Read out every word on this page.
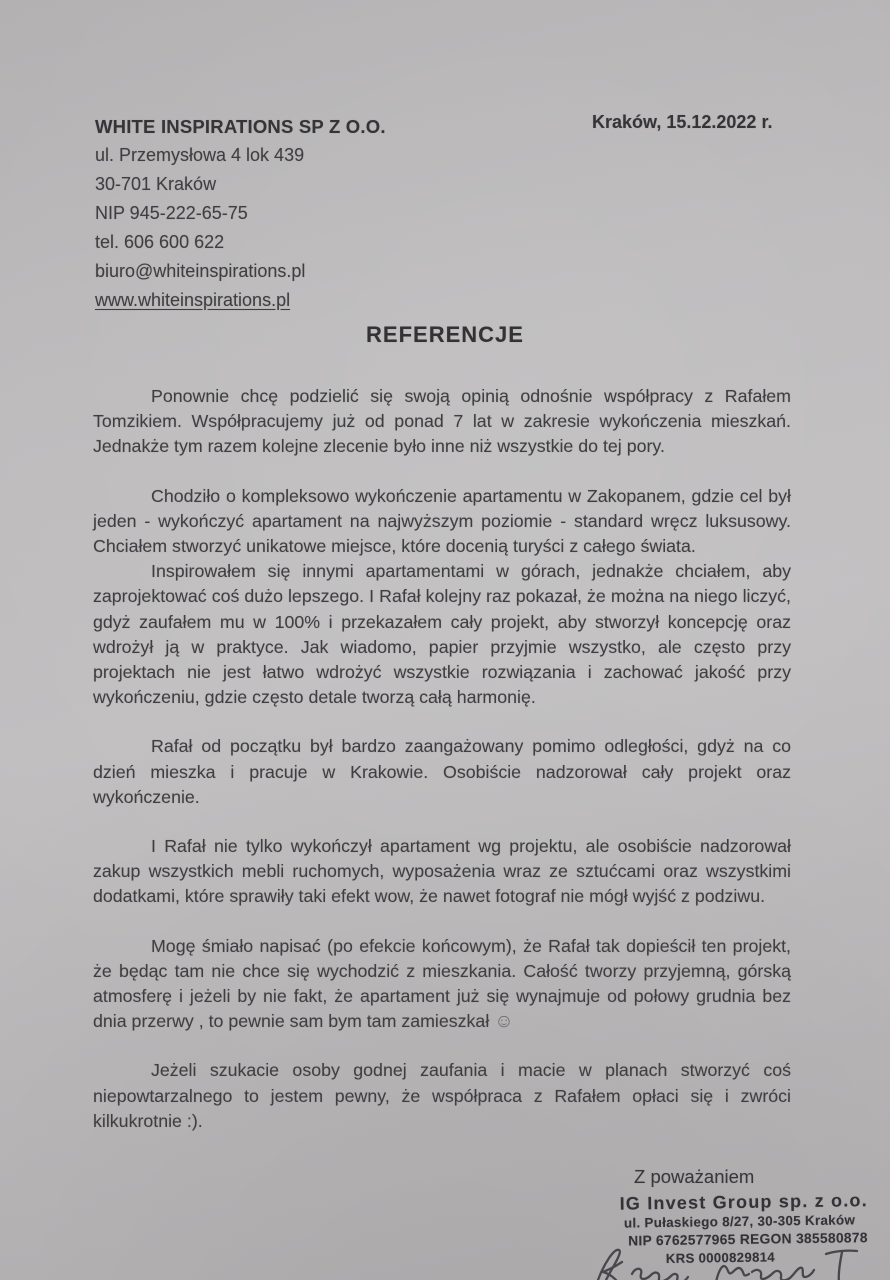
WHITE INSPIRATIONS SP Z O.O.
ul. Przemysłowa 4 lok 439
30-701 Kraków
NIP 945-222-65-75
tel. 606 600 622
biuro@whiteinspirations.pl
www.whiteinspirations.pl
Kraków, 15.12.2022 r.
REFERENCJE

Ponownie chcę podzielić się swoją opinią odnośnie współpracy z Rafałem Tomzikiem. Współpracujemy już od ponad 7 lat w zakresie wykończenia mieszkań. Jednakże tym razem kolejne zlecenie było inne niż wszystkie do tej pory.

Chodziło o kompleksowo wykończenie apartamentu w Zakopanem, gdzie cel był jeden - wykończyć apartament na najwyższym poziomie - standard wręcz luksusowy. Chciałem stworzyć unikatowe miejsce, które docenią turyści z całego świata.

Inspirowałem się innymi apartamentami w górach, jednakże chciałem, aby zaprojektować coś dużo lepszego. I Rafał kolejny raz pokazał, że można na niego liczyć, gdyż zaufałem mu w 100% i przekazałem cały projekt, aby stworzył koncepcję oraz wdrożył ją w praktyce. Jak wiadomo, papier przyjmie wszystko, ale często przy projektach nie jest łatwo wdrożyć wszystkie rozwiązania i zachować jakość przy wykończeniu, gdzie często detale tworzą całą harmonię.

Rafał od początku był bardzo zaangażowany pomimo odległości, gdyż na co dzień mieszka i pracuje w Krakowie. Osobiście nadzorował cały projekt oraz wykończenie.

I Rafał nie tylko wykończył apartament wg projektu, ale osobiście nadzorował zakup wszystkich mebli ruchomych, wyposażenia wraz ze sztućcami oraz wszystkimi dodatkami, które sprawiły taki efekt wow, że nawet fotograf nie mógł wyjść z podziwu.

Mogę śmiało napisać (po efekcie końcowym), że Rafał tak dopieścił ten projekt, że będąc tam nie chce się wychodzić z mieszkania. Całość tworzy przyjemną, górską atmosferę i jeżeli by nie fakt, że apartament już się wynajmuje od połowy grudnia bez dnia przerwy , to pewnie sam bym tam zamieszkał ☺

Jeżeli szukacie osoby godnej zaufania i macie w planach stworzyć coś niepowtarzalnego to jestem pewny, że współpraca z Rafałem opłaci się i zwróci kilkukrotnie :).

Z poważaniem
IG Invest Group sp. z o.o.
ul. Pułaskiego 8/27, 30-305 Kraków
NIP 6762577965 REGON 385580878
KRS 0000829814
